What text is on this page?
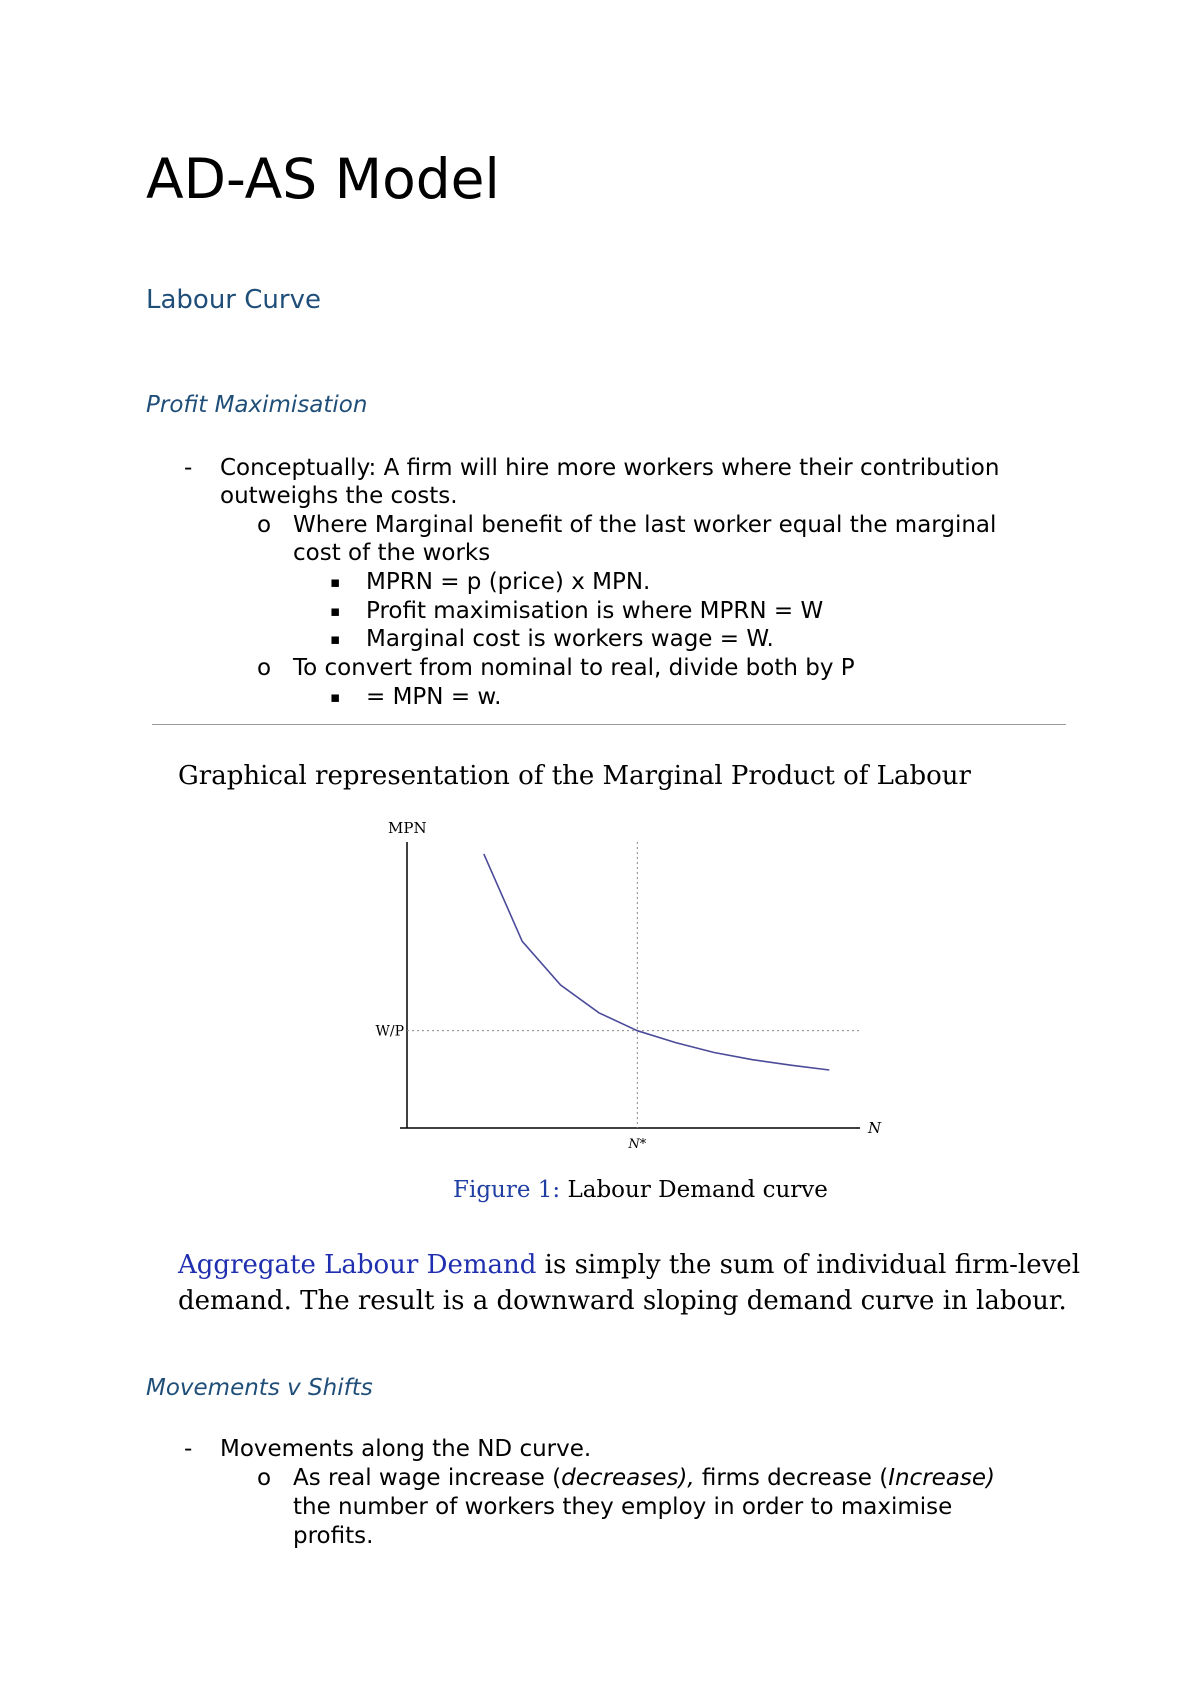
AD-AS Model
Labour Curve
Profit Maximisation
- Conceptually: A firm will hire more workers where their contribution
outweighs the costs.
o Where Marginal benefit of the last worker equal the marginal
cost of the works
▪ MPRN = p (price) x MPN.
▪ Profit maximisation is where MPRN = W
▪ Marginal cost is workers wage = W.
o To convert from nominal to real, divide both by P
▪ = MPN = w.
Graphical representation of the Marginal Product of Labour
MPN
N
W/P
N*
Figure 1: Labour Demand curve
Aggregate Labour Demand is simply the sum of individual firm-level
demand. The result is a downward sloping demand curve in labour.
Movements v Shifts
- Movements along the ND curve.
o As real wage increase (decreases), firms decrease (Increase)
the number of workers they employ in order to maximise
profits.
